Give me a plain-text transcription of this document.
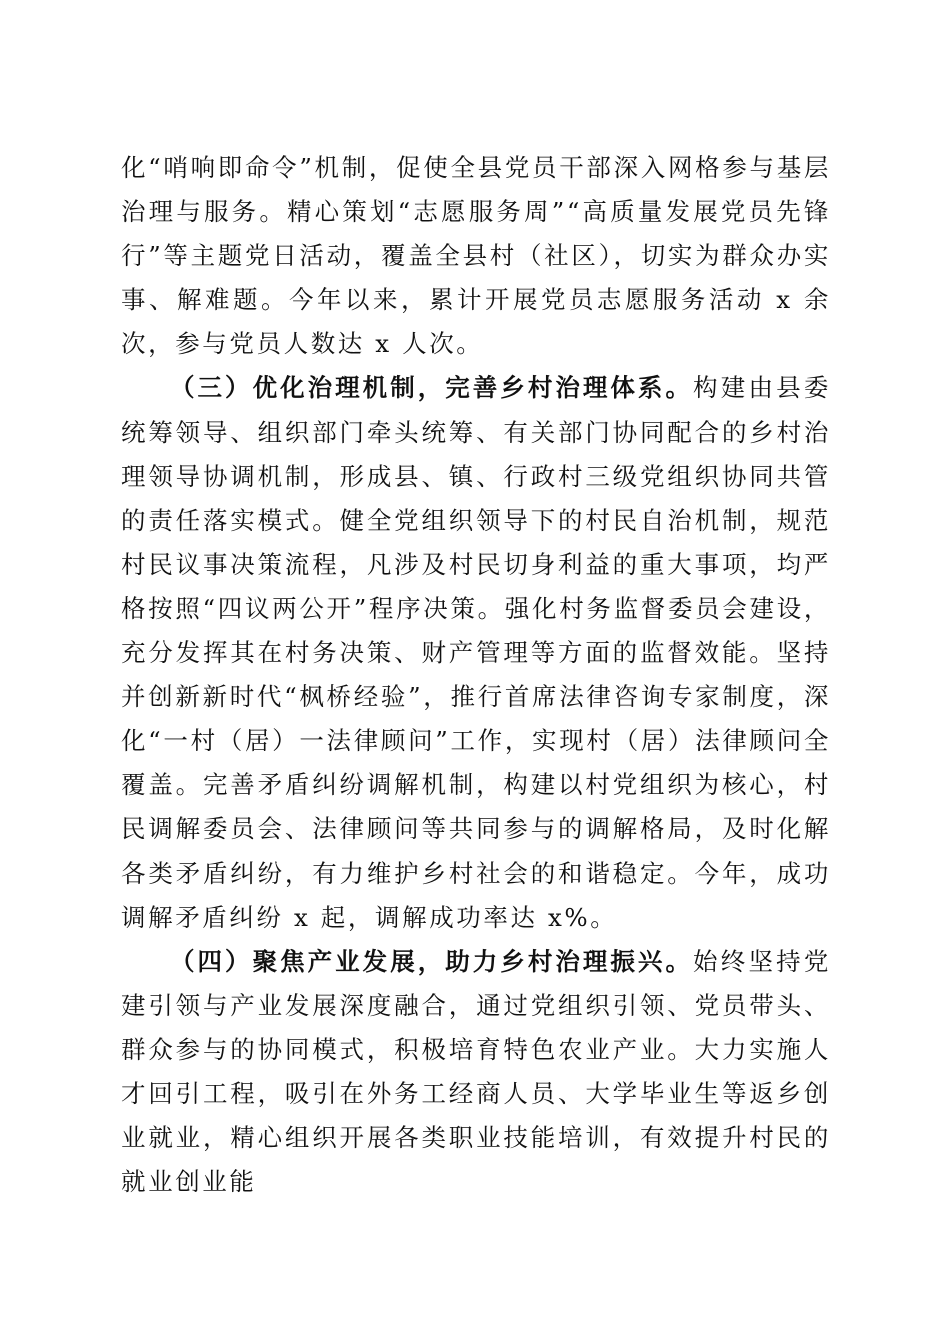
化“哨响即命令”机制，促使全县党员干部深入网格参与基层治理与服务。精心策划“志愿服务周”“高质量发展党员先锋行”等主题党日活动，覆盖全县村（社区），切实为群众办实事、解难题。今年以来，累计开展党员志愿服务活动 x 余次，参与党员人数达 x 人次。

（三）优化治理机制，完善乡村治理体系。构建由县委统筹领导、组织部门牵头统筹、有关部门协同配合的乡村治理领导协调机制，形成县、镇、行政村三级党组织协同共管的责任落实模式。健全党组织领导下的村民自治机制，规范村民议事决策流程，凡涉及村民切身利益的重大事项，均严格按照“四议两公开”程序决策。强化村务监督委员会建设，充分发挥其在村务决策、财产管理等方面的监督效能。坚持并创新新时代“枫桥经验”，推行首席法律咨询专家制度，深化“一村（居）一法律顾问”工作，实现村（居）法律顾问全覆盖。完善矛盾纠纷调解机制，构建以村党组织为核心，村民调解委员会、法律顾问等共同参与的调解格局，及时化解各类矛盾纠纷，有力维护乡村社会的和谐稳定。今年，成功调解矛盾纠纷 x 起，调解成功率达 x%。

（四）聚焦产业发展，助力乡村治理振兴。始终坚持党建引领与产业发展深度融合，通过党组织引领、党员带头、群众参与的协同模式，积极培育特色农业产业。大力实施人才回引工程，吸引在外务工经商人员、大学毕业生等返乡创业就业，精心组织开展各类职业技能培训，有效提升村民的就业创业能
